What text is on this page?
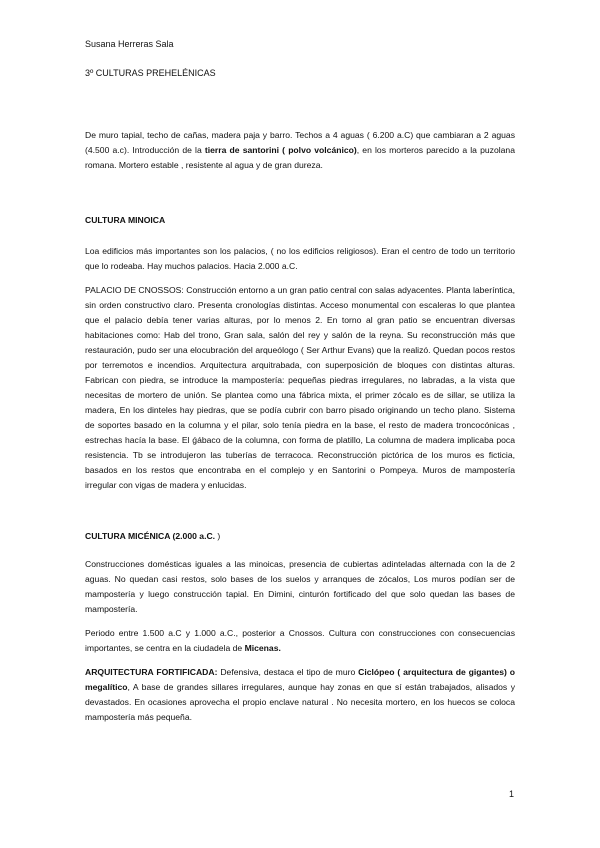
Susana Herreras Sala
3º CULTURAS PREHELÉNICAS

De muro tapial, techo de cañas, madera paja y barro. Techos a 4 aguas ( 6.200 a.C) que cambiaran a 2 aguas (4.500 a.c). Introducción de la tierra de santorini ( polvo volcánico), en los morteros parecido a la puzolana romana. Mortero estable , resistente al agua y de gran dureza.

CULTURA MINOICA

Loa edificios más importantes son los palacios, ( no los edificios religiosos). Eran el centro de todo un territorio que lo rodeaba. Hay muchos palacios. Hacia 2.000 a.C.

PALACIO DE CNOSSOS: Construcción entorno a un gran patio central con salas adyacentes. Planta laberíntica, sin orden constructivo claro. Presenta cronologías distintas. Acceso monumental con escaleras lo que plantea que el palacio debía tener varias alturas, por lo menos 2. En torno al gran patio se encuentran diversas habitaciones como: Hab del trono, Gran sala, salón del rey y salón de la reyna. Su reconstrucción más que restauración, pudo ser una elocubración del arqueólogo ( Ser Arthur Evans) que la realizó. Quedan pocos restos por terremotos e incendios. Arquitectura arquitrabada, con superposición de bloques con distintas alturas. Fabrican con piedra, se introduce la mampostería: pequeñas piedras irregulares, no labradas, a la vista que necesitas de mortero de unión. Se plantea como una fábrica mixta, el primer zócalo es de sillar, se utiliza la madera, En los dinteles hay piedras, que se podía cubrir con barro pisado originando un techo plano. Sistema de soportes basado en la columna y el pilar, solo tenía piedra en la base, el resto de madera troncocónicas , estrechas hacía la base. El ǵábaco de la columna, con forma de platillo, La columna de madera implicaba poca resistencia. Tb se introdujeron las tuberías de terracoca. Reconstrucción pictórica de los muros es ficticia, basados en los restos que encontraba en el complejo y en Santorini o Pompeya. Muros de mampostería irregular con vigas de madera y enlucidas.

CULTURA MICÉNICA (2.000 a.C. )

Construcciones domésticas iguales a las minoicas, presencia de cubiertas adinteladas alternada con la de 2 aguas. No quedan casi restos, solo bases de los suelos y arranques de zócalos, Los muros podían ser de mampostería y luego construcción tapial. En Dimini, cinturón fortificado del que solo quedan las bases de mampostería.

Periodo entre 1.500 a.C y 1.000 a.C., posterior a Cnossos. Cultura con construcciones con consecuencias importantes, se centra en la ciudadela de Micenas.

ARQUITECTURA FORTIFICADA: Defensiva, destaca el tipo de muro Ciclópeo ( arquitectura de gigantes) o megalítico, A base de grandes sillares irregulares, aunque hay zonas en que sí están trabajados, alisados y devastados. En ocasiones aprovecha el propio enclave natural . No necesita mortero, en los huecos se coloca mampostería más pequeña.

1
